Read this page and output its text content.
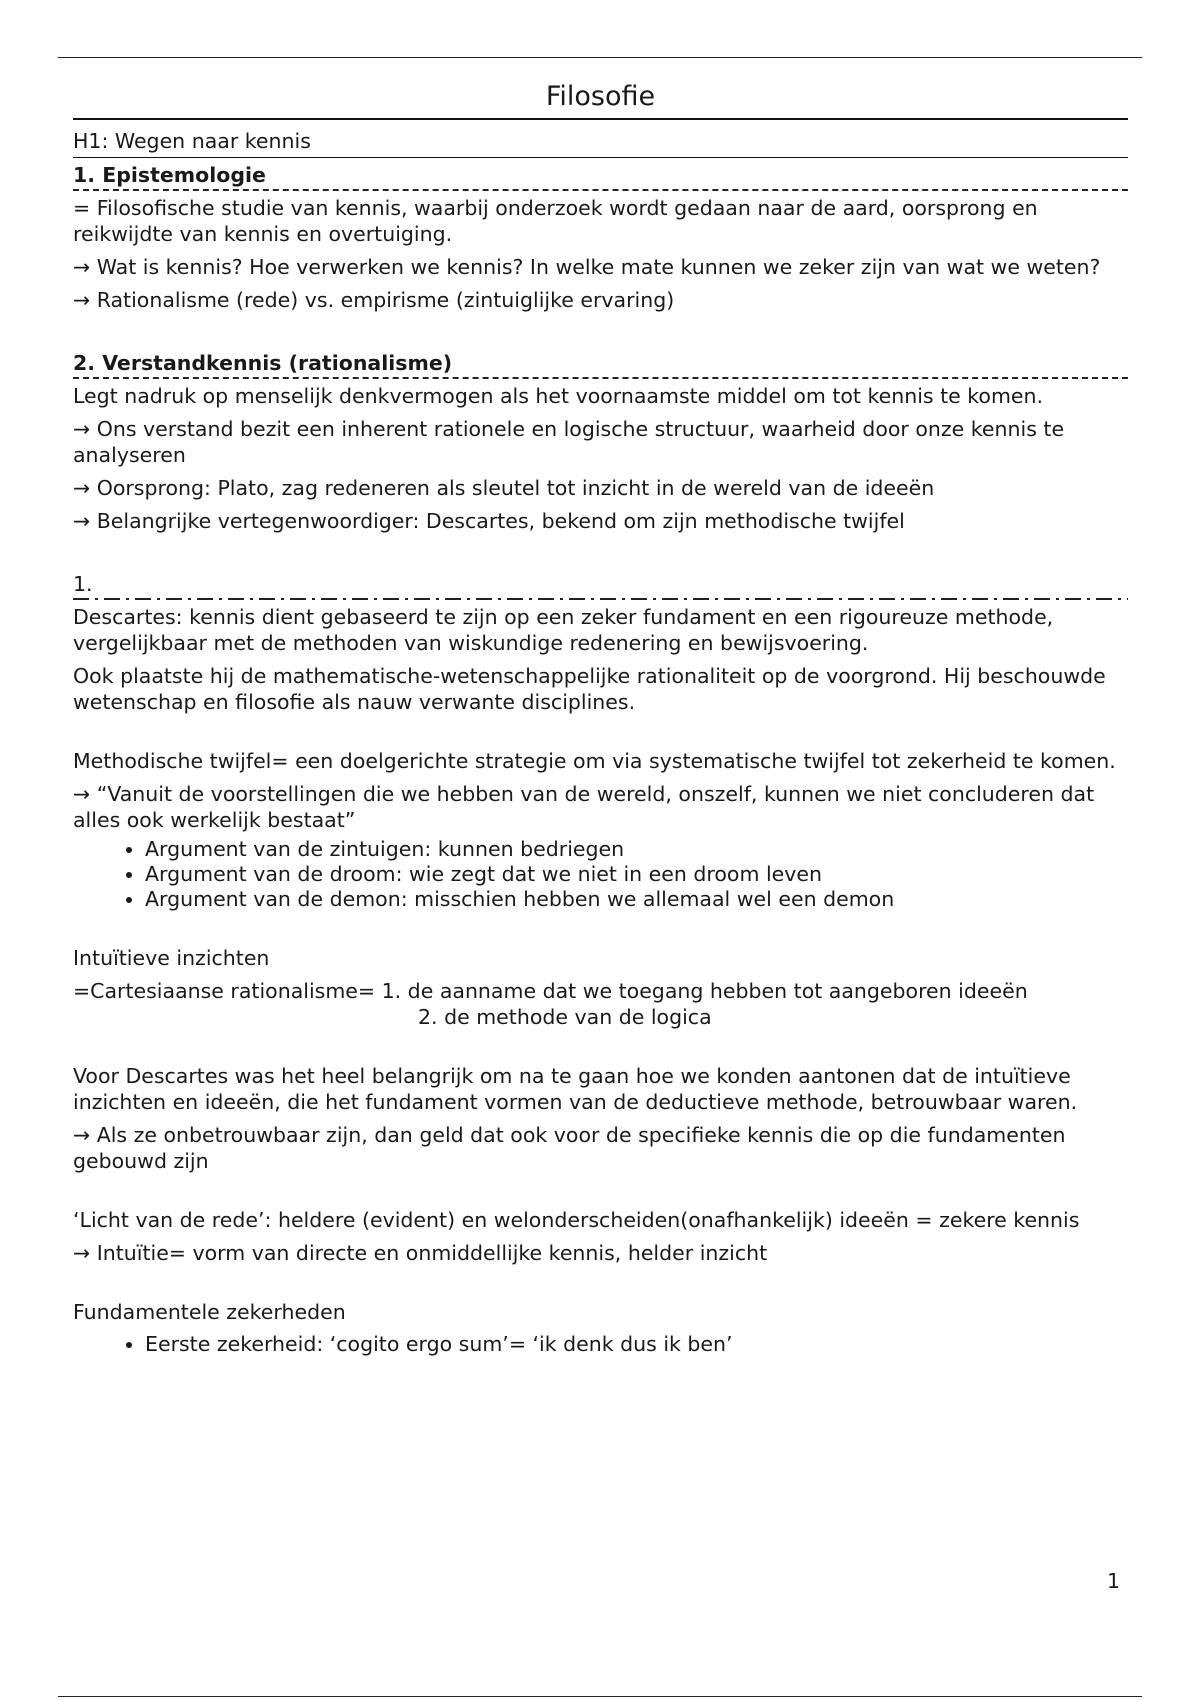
Filosofie
H1: Wegen naar kennis
1. Epistemologie

= Filosofische studie van kennis, waarbij onderzoek wordt gedaan naar de aard, oorsprong en reikwijdte van kennis en overtuiging.

→ Wat is kennis? Hoe verwerken we kennis? In welke mate kunnen we zeker zijn van wat we weten?

→ Rationalisme (rede) vs. empirisme (zintuiglijke ervaring)

2. Verstandkennis (rationalisme)

Legt nadruk op menselijk denkvermogen als het voornaamste middel om tot kennis te komen.

→ Ons verstand bezit een inherent rationele en logische structuur, waarheid door onze kennis te analyseren

→ Oorsprong: Plato, zag redeneren als sleutel tot inzicht in de wereld van de ideeën

→ Belangrijke vertegenwoordiger: Descartes, bekend om zijn methodische twijfel

1.

Descartes: kennis dient gebaseerd te zijn op een zeker fundament en een rigoureuze methode, vergelijkbaar met de methoden van wiskundige redenering en bewijsvoering.

Ook plaatste hij de mathematische-wetenschappelijke rationaliteit op de voorgrond. Hij beschouwde wetenschap en filosofie als nauw verwante disciplines.

Methodische twijfel= een doelgerichte strategie om via systematische twijfel tot zekerheid te komen.

→ “Vanuit de voorstellingen die we hebben van de wereld, onszelf, kunnen we niet concluderen dat alles ook werkelijk bestaat”

• Argument van de zintuigen: kunnen bedriegen
• Argument van de droom: wie zegt dat we niet in een droom leven
• Argument van de demon: misschien hebben we allemaal wel een demon

Intuïtieve inzichten

=Cartesiaanse rationalisme= 1. de aanname dat we toegang hebben tot aangeboren ideeën
2. de methode van de logica

Voor Descartes was het heel belangrijk om na te gaan hoe we konden aantonen dat de intuïtieve inzichten en ideeën, die het fundament vormen van de deductieve methode, betrouwbaar waren.

→ Als ze onbetrouwbaar zijn, dan geld dat ook voor de specifieke kennis die op die fundamenten gebouwd zijn

‘Licht van de rede’: heldere (evident) en welonderscheiden(onafhankelijk) ideeën = zekere kennis

→ Intuïtie= vorm van directe en onmiddellijke kennis, helder inzicht

Fundamentele zekerheden

• Eerste zekerheid: ‘cogito ergo sum’= ‘ik denk dus ik ben’
1
